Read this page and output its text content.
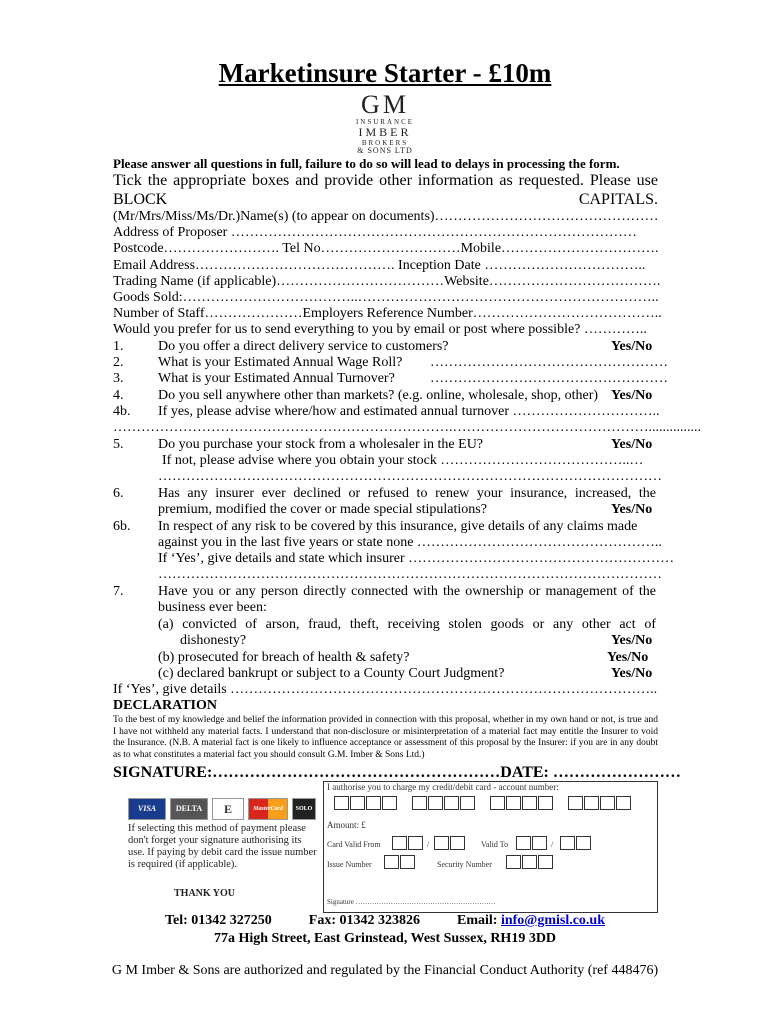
Marketinsure Starter - £10m
GM
INSURANCE
IMBER
BROKERS
& SONS LTD
Please answer all questions in full, failure to do so will lead to delays in processing the form.
Tick the appropriate boxes and provide other information as requested. Please use BLOCK CAPITALS.
(Mr/Mrs/Miss/Ms/Dr.)Name(s) (to appear on documents)…………………………………………
Address of Proposer ……………………………………………………………………………
Postcode……………………. Tel No…………………………Mobile…………………………….
Email Address……………………………………. Inception Date ……………………………..
Trading Name (if applicable)………………………………Website……………………………….
Goods Sold:………………………………..………………………………………………………..
Number of Staff…………………Employers Reference Number…………………………………..
Would you prefer for us to send everything to you by email or post where possible? …………..
1. Do you offer a direct delivery service to customers?	Yes/No
2. What is your Estimated Annual Wage Roll? ……………………………………………
3. What is your Estimated Annual Turnover?	……………………………………………
4. Do you sell anywhere other than markets? (e.g. online, wholesale, shop, other) Yes/No
4b. If yes, please advise where/how and estimated annual turnover …………………………..
……………………………………………………………….……………………………………...............
5. Do you purchase your stock from a wholesaler in the EU?	Yes/No
If not, please advise where you obtain your stock …………………………………..…
………………………………………………………………………………………………
6. Has any insurer ever declined or refused to renew your insurance, increased, the
premium, modified the cover or made special stipulations?	Yes/No
6b. In respect of any risk to be covered by this insurance, give details of any claims made
against you in the last five years or state none ……………………………………………..
If ‘Yes’, give details and state which insurer …………………………………………………
………………………………………………………………………………………………
7. Have you or any person directly connected with the ownership or management of the
business ever been:
(a) convicted of arson, fraud, theft, receiving stolen goods or any other act of
dishonesty?	Yes/No
(b) prosecuted for breach of health & safety?	Yes/No
(c) declared bankrupt or subject to a County Court Judgment?	Yes/No
If ‘Yes’, give details ………………………………………………………………………………..
DECLARATION
To the best of my knowledge and belief the information provided in connection with this proposal, whether in my own hand or not, is true and I have not withheld any material facts. I understand that non-disclosure or misinterpretation of a material fact may entitle the Insurer to void the Insurance. (N.B. A material fact is one likely to influence acceptance or assessment of this proposal by the Insurer: if you are in any doubt as to what constitutes a material fact you should consult G.M. Imber & Sons Ltd.)
SIGNATURE:………………………………………………DATE: ……………………
VISA	DELTA	E	MasterCard	SOLO
If selecting this method of payment please don't forget your signature authorising its use. If paying by debit card the issue number is required (if applicable).
THANK YOU
I authorise you to charge my credit/debit card - account number:
Amount: £
Card Valid From	/	Valid To	/
Issue Number	Security Number
Signature ……………………………………………………
Tel: 01342 327250	Fax: 01342 323826	Email: info@gmisl.co.uk
77a High Street, East Grinstead, West Sussex, RH19 3DD
G M Imber & Sons are authorized and regulated by the Financial Conduct Authority (ref 448476)
